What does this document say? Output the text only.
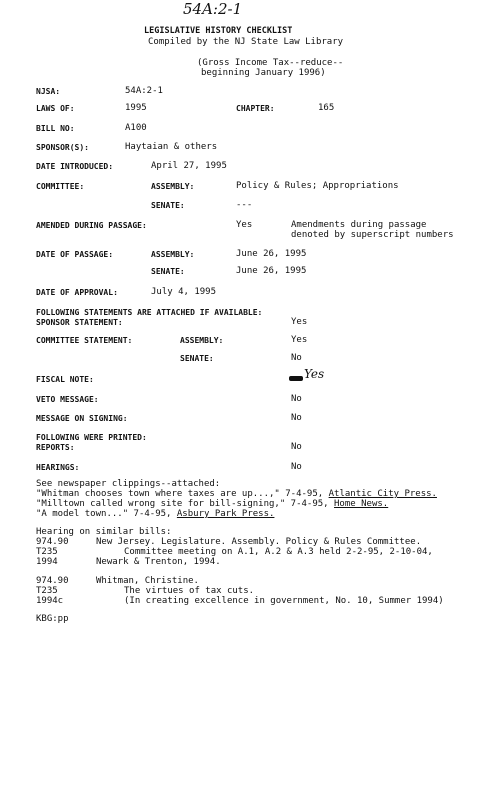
54A:2-1
LEGISLATIVE HISTORY CHECKLIST
Compiled by the NJ State Law Library
(Gross Income Tax--reduce--
beginning January 1996)
NJSA:	54A:2-1
LAWS OF:	1995	CHAPTER:	165
BILL NO:	A100
SPONSOR(S):	Haytaian & others
DATE INTRODUCED:	April 27, 1995
COMMITTEE:	ASSEMBLY:	Policy & Rules; Appropriations
SENATE:	---
AMENDED DURING PASSAGE:	Yes	Amendments during passage
denoted by superscript numbers
DATE OF PASSAGE:	ASSEMBLY:	June 26, 1995
SENATE:	June 26, 1995
DATE OF APPROVAL:	July 4, 1995
FOLLOWING STATEMENTS ARE ATTACHED IF AVAILABLE:
SPONSOR STATEMENT:	Yes
COMMITTEE STATEMENT:	ASSEMBLY:	Yes
SENATE:	No
FISCAL NOTE:	Yes
VETO MESSAGE:	No
MESSAGE ON SIGNING:	No
FOLLOWING WERE PRINTED:
REPORTS:	No
HEARINGS:	No
See newspaper clippings--attached:
"Whitman chooses town where taxes are up...," 7-4-95, Atlantic City Press.
"Milltown called wrong site for bill-signing," 7-4-95, Home News.
"A model town..." 7-4-95, Asbury Park Press.
Hearing on similar bills:
974.90	New Jersey. Legislature. Assembly. Policy & Rules Committee.
T235	Committee meeting on A.1, A.2 & A.3 held 2-2-95, 2-10-04,
1994	Newark & Trenton, 1994.
974.90	Whitman, Christine.
T235	The virtues of tax cuts.
1994c	(In creating excellence in government, No. 10, Summer 1994)
KBG:pp
